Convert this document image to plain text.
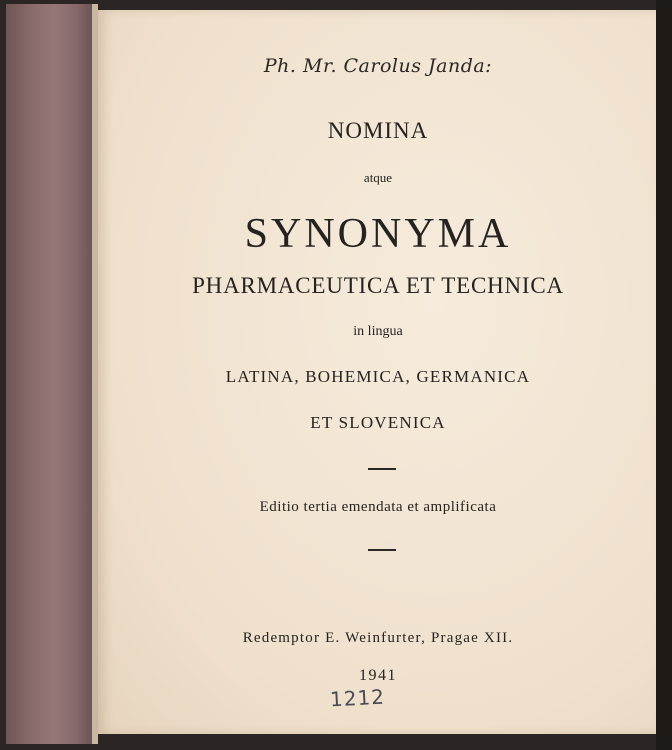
Ph. Mr. Carolus Janda:
NOMINA
atque
SYNONYMA
PHARMACEUTICA ET TECHNICA
in lingua
LATINA, BOHEMICA, GERMANICA
ET SLOVENICA
Editio tertia emendata et amplificata
Redemptor E. Weinfurter, Pragae XII.
1941
1212
